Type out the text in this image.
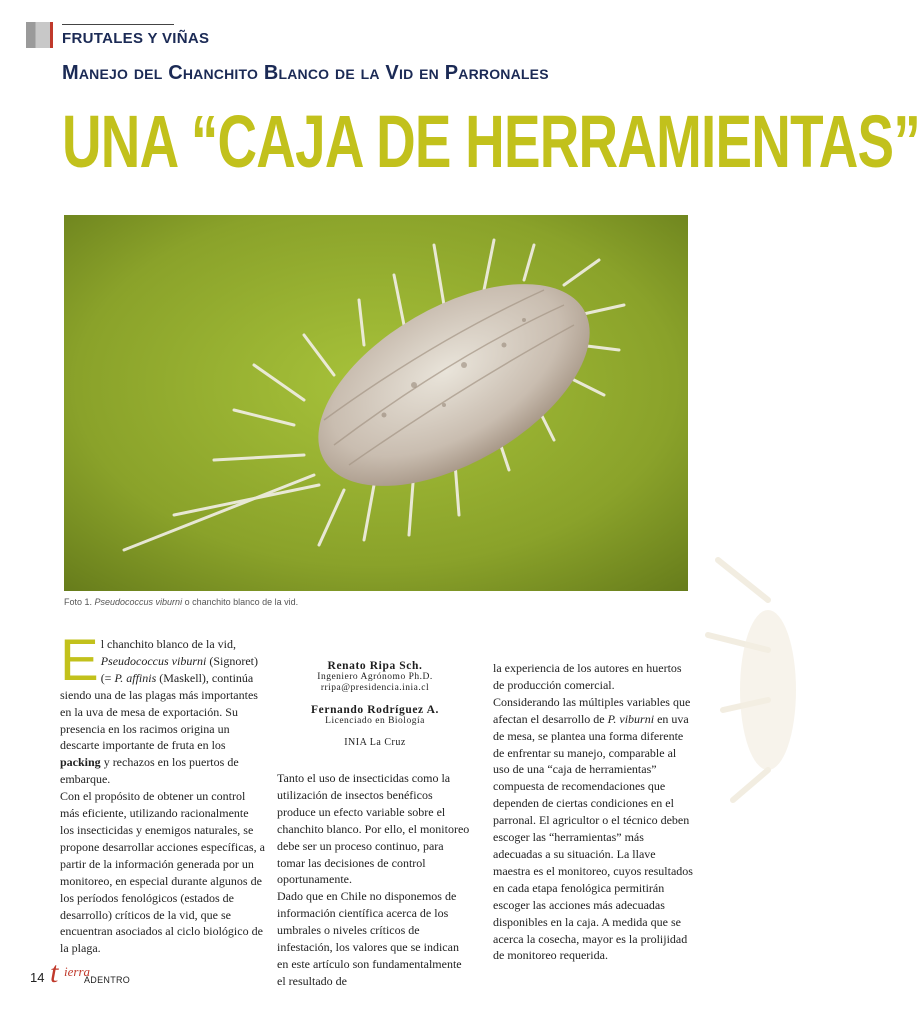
FRUTALES Y VIÑAS
Manejo del Chanchito Blanco de la Vid en Parronales
UNA “CAJA DE HERRAMIENTAS”
Foto 1. Pseudococcus viburni o chanchito blanco de la vid.

El chanchito blanco de la vid, Pseudococcus viburni (Signoret) (= P. affinis (Maskell), continúa siendo una de las plagas más importantes en la uva de mesa de exportación. Su presencia en los racimos origina un descarte importante de fruta en los packing y rechazos en los puertos de embarque.

Con el propósito de obtener un control más eficiente, utilizando racionalmente los insecticidas y enemigos naturales, se propone desarrollar acciones específicas, a partir de la información generada por un monitoreo, en especial durante algunos de los períodos fenológicos (estados de desarrollo) críticos de la vid, que se encuentran asociados al ciclo biológico de la plaga.

Renato Ripa Sch.

Ingeniero Agrónomo Ph.D.

rripa@presidencia.inia.cl

Fernando Rodríguez A.

Licenciado en Biología

INIA La Cruz

Tanto el uso de insecticidas como la utilización de insectos benéficos produce un efecto variable sobre el chanchito blanco. Por ello, el monitoreo debe ser un proceso continuo, para tomar las decisiones de control oportunamente.

Dado que en Chile no disponemos de información científica acerca de los umbrales o niveles críticos de infestación, los valores que se indican en este artículo son fundamentalmente el resultado de

la experiencia de los autores en huertos de producción comercial.

Considerando las múltiples variables que afectan el desarrollo de P. viburni en uva de mesa, se plantea una forma diferente de enfrentar su manejo, comparable al uso de una “caja de herramientas” compuesta de recomendaciones que dependen de ciertas condiciones en el parronal. El agricultor o el técnico deben escoger las “herramientas” más adecuadas a su situación. La llave maestra es el monitoreo, cuyos resultados en cada etapa fenológica permitirán escoger las acciones más adecuadas disponibles en la caja. A medida que se acerca la cosecha, mayor es la prolijidad de monitoreo requerida.

14 t ierra
ADENTRO
